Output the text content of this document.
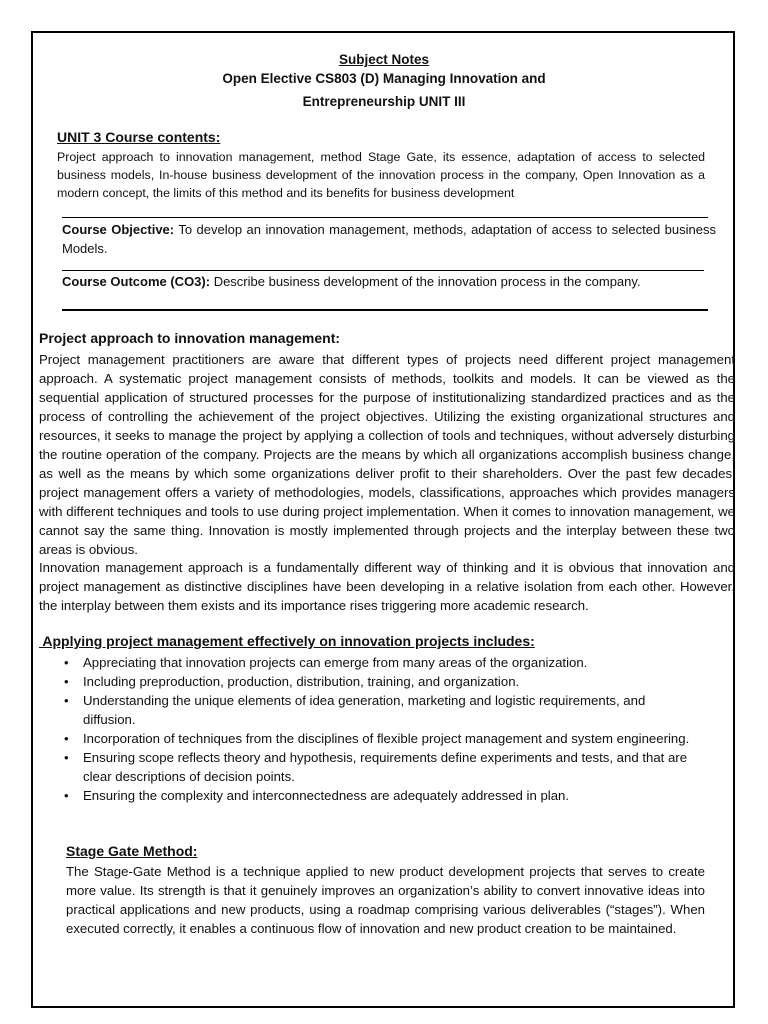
Subject Notes
Open Elective CS803 (D) Managing Innovation and
Entrepreneurship UNIT III
UNIT 3 Course contents:
Project approach to innovation management, method Stage Gate, its essence, adaptation of access to selected business models, In-house business development of the innovation process in the company, Open Innovation as a modern concept, the limits of this method and its benefits for business development
Course Objective: To develop an innovation management, methods, adaptation of access to selected business Models.
Course Outcome (CO3): Describe business development of the innovation process in the company.
Project approach to innovation management:
Project management practitioners are aware that different types of projects need different project management approach. A systematic project management consists of methods, toolkits and models. It can be viewed as the sequential application of structured processes for the purpose of institutionalizing standardized practices and as the process of controlling the achievement of the project objectives. Utilizing the existing organizational structures and resources, it seeks to manage the project by applying a collection of tools and techniques, without adversely disturbing the routine operation of the company. Projects are the means by which all organizations accomplish business change, as well as the means by which some organizations deliver profit to their shareholders. Over the past few decades’ project management offers a variety of methodologies, models, classifications, approaches which provides managers with different techniques and tools to use during project implementation. When it comes to innovation management, we cannot say the same thing. Innovation is mostly implemented through projects and the interplay between these two areas is obvious.
Innovation management approach is a fundamentally different way of thinking and it is obvious that innovation and project management as distinctive disciplines have been developing in a relative isolation from each other. However, the interplay between them exists and its importance rises triggering more academic research.
Applying project management effectively on innovation projects includes:
• Appreciating that innovation projects can emerge from many areas of the organization.
• Including preproduction, production, distribution, training, and organization.
• Understanding the unique elements of idea generation, marketing and logistic requirements, and diffusion.
• Incorporation of techniques from the disciplines of flexible project management and system engineering.
• Ensuring scope reflects theory and hypothesis, requirements define experiments and tests, and that are clear descriptions of decision points.
• Ensuring the complexity and interconnectedness are adequately addressed in plan.
Stage Gate Method:
The Stage-Gate Method is a technique applied to new product development projects that serves to create more value. Its strength is that it genuinely improves an organization’s ability to convert innovative ideas into practical applications and new products, using a roadmap comprising various deliverables (“stages”). When executed correctly, it enables a continuous flow of innovation and new product creation to be maintained.
